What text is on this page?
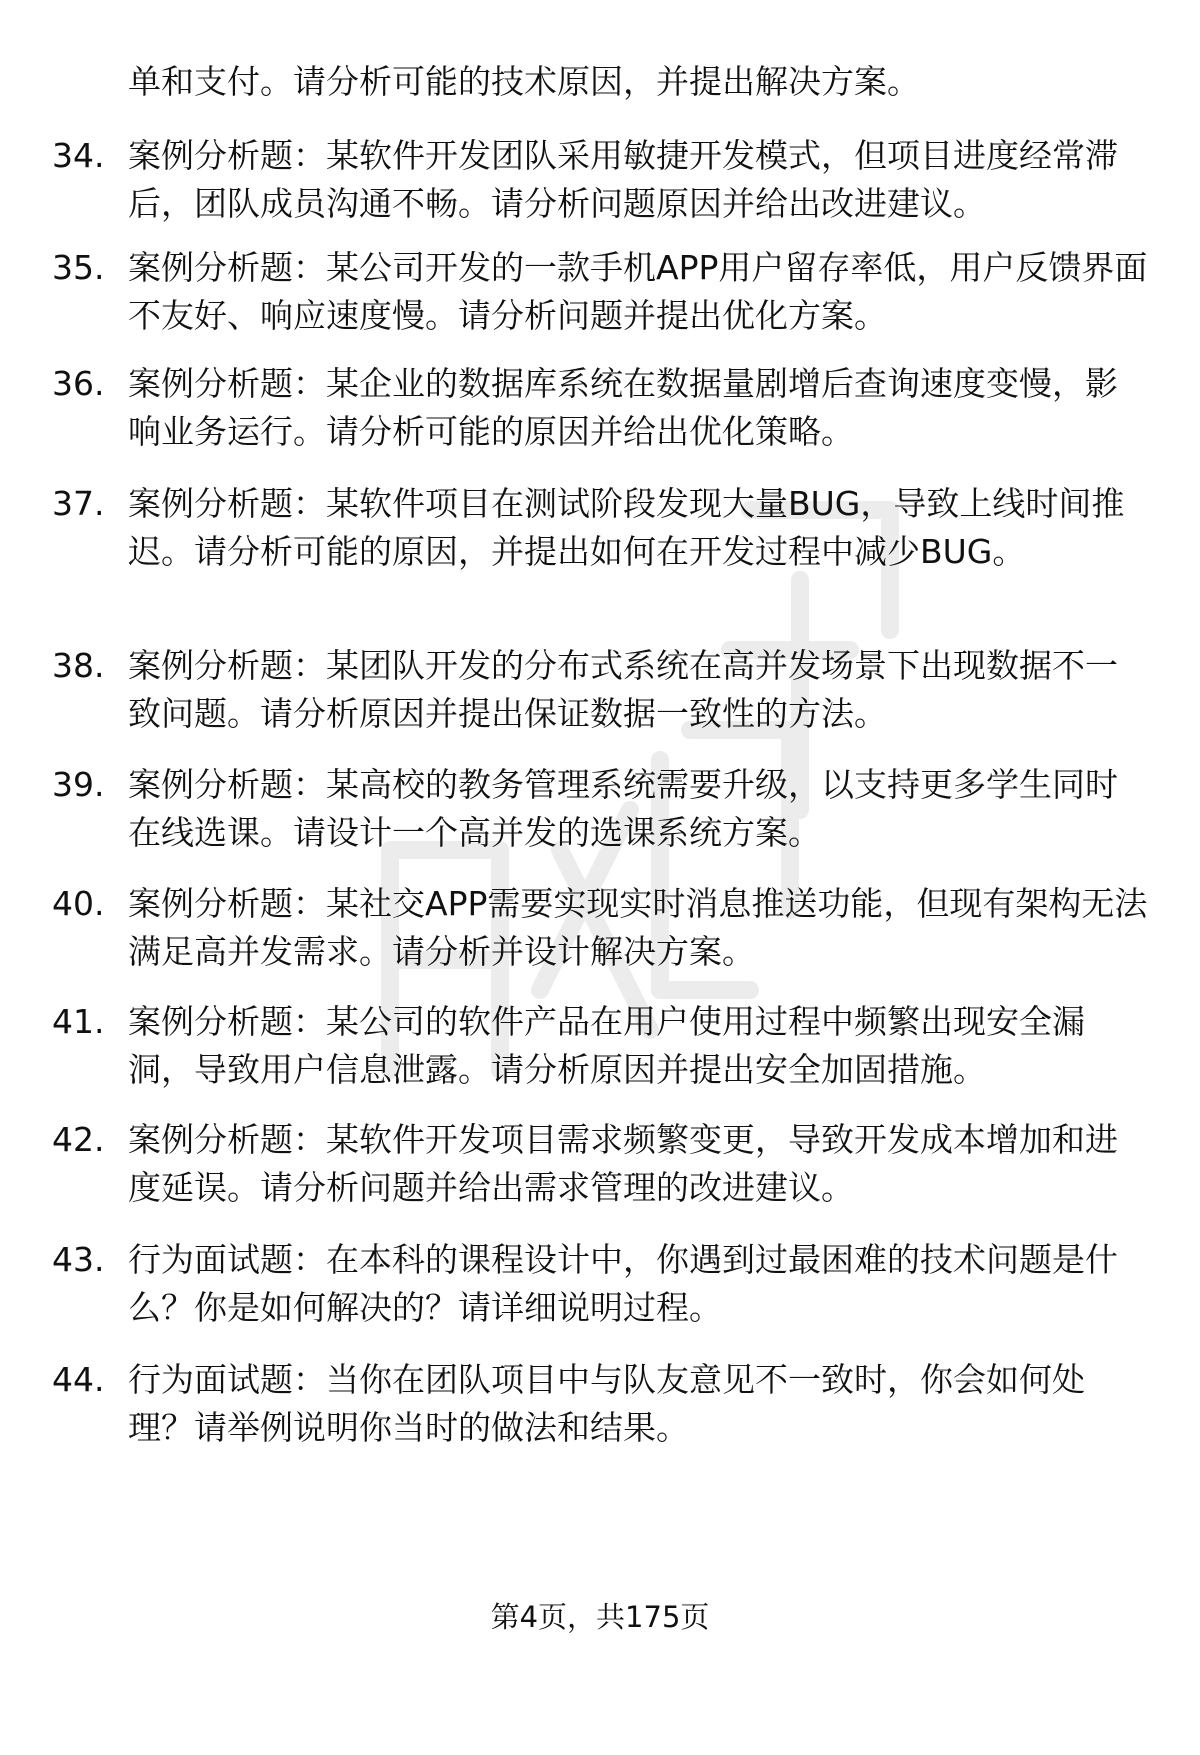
单和支付。请分析可能的技术原因，并提出解决方案。

34. 案例分析题：某软件开发团队采用敏捷开发模式，但项目进度经常滞后，团队成员沟通不畅。请分析问题原因并给出改进建议。
35. 案例分析题：某公司开发的一款手机APP用户留存率低，用户反馈界面不友好、响应速度慢。请分析问题并提出优化方案。
36. 案例分析题：某企业的数据库系统在数据量剧增后查询速度变慢，影响业务运行。请分析可能的原因并给出优化策略。
37. 案例分析题：某软件项目在测试阶段发现大量BUG，导致上线时间推迟。请分析可能的原因，并提出如何在开发过程中减少BUG。
38. 案例分析题：某团队开发的分布式系统在高并发场景下出现数据不一致问题。请分析原因并提出保证数据一致性的方法。
39. 案例分析题：某高校的教务管理系统需要升级，以支持更多学生同时在线选课。请设计一个高并发的选课系统方案。
40. 案例分析题：某社交APP需要实现实时消息推送功能，但现有架构无法满足高并发需求。请分析并设计解决方案。
41. 案例分析题：某公司的软件产品在用户使用过程中频繁出现安全漏洞，导致用户信息泄露。请分析原因并提出安全加固措施。
42. 案例分析题：某软件开发项目需求频繁变更，导致开发成本增加和进度延误。请分析问题并给出需求管理的改进建议。
43. 行为面试题：在本科的课程设计中，你遇到过最困难的技术问题是什么？你是如何解决的？请详细说明过程。
44. 行为面试题：当你在团队项目中与队友意见不一致时，你会如何处理？请举例说明你当时的做法和结果。
第4页，共175页
